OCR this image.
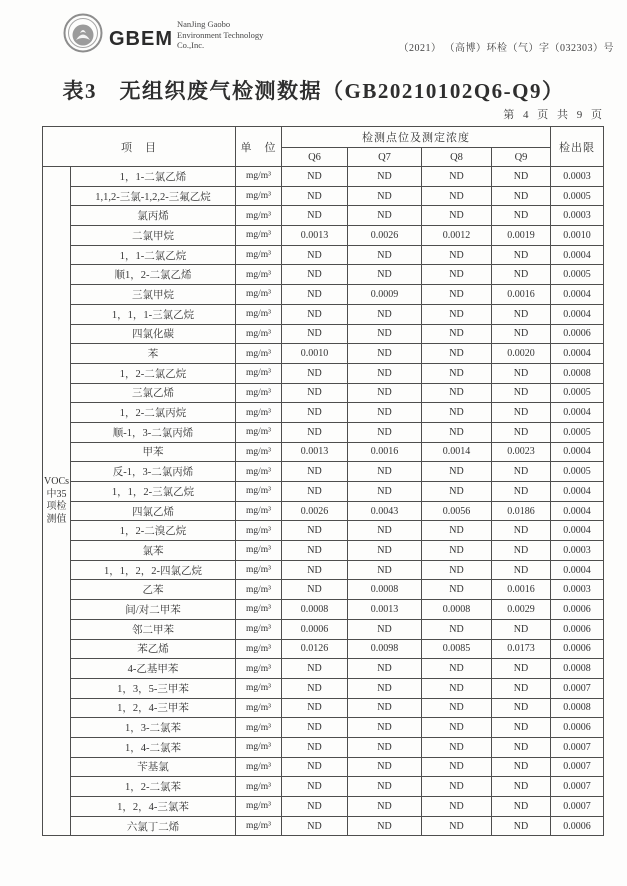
GBEM
NanJing Gaobo
Environment Technology
Co.,Inc.	（2021） （高博）环检（气）字（032303）号
表3　无组织废气检测数据（GB20210102Q6-Q9）
第 4 页 共 9 页
项　目		单　位	检测点位及测定浓度				检出限
			Q6	Q7	Q8	Q9	

VOCs
中35
项检
测值	1，1-二氯乙烯	mg/m³	ND	ND	ND	ND	0.0003
	1,1,2-三氯-1,2,2-三氟乙烷	mg/m³	ND	ND	ND	ND	0.0005
	氯丙烯	mg/m³	ND	ND	ND	ND	0.0003
	二氯甲烷	mg/m³	0.0013	0.0026	0.0012	0.0019	0.0010
	1，1-二氯乙烷	mg/m³	ND	ND	ND	ND	0.0004
	顺1，2-二氯乙烯	mg/m³	ND	ND	ND	ND	0.0005
	三氯甲烷	mg/m³	ND	0.0009	ND	0.0016	0.0004
	1，1，1-三氯乙烷	mg/m³	ND	ND	ND	ND	0.0004
	四氯化碳	mg/m³	ND	ND	ND	ND	0.0006
	苯	mg/m³	0.0010	ND	ND	0.0020	0.0004
	1，2-二氯乙烷	mg/m³	ND	ND	ND	ND	0.0008
	三氯乙烯	mg/m³	ND	ND	ND	ND	0.0005
	1，2-二氯丙烷	mg/m³	ND	ND	ND	ND	0.0004
	顺-1，3-二氯丙烯	mg/m³	ND	ND	ND	ND	0.0005
	甲苯	mg/m³	0.0013	0.0016	0.0014	0.0023	0.0004
	反-1，3-二氯丙烯	mg/m³	ND	ND	ND	ND	0.0005
	1，1，2-三氯乙烷	mg/m³	ND	ND	ND	ND	0.0004
	四氯乙烯	mg/m³	0.0026	0.0043	0.0056	0.0186	0.0004
	1，2-二溴乙烷	mg/m³	ND	ND	ND	ND	0.0004
	氯苯	mg/m³	ND	ND	ND	ND	0.0003
	1，1，2，2-四氯乙烷	mg/m³	ND	ND	ND	ND	0.0004
	乙苯	mg/m³	ND	0.0008	ND	0.0016	0.0003
	间/对二甲苯	mg/m³	0.0008	0.0013	0.0008	0.0029	0.0006
	邻二甲苯	mg/m³	0.0006	ND	ND	ND	0.0006
	苯乙烯	mg/m³	0.0126	0.0098	0.0085	0.0173	0.0006
	4-乙基甲苯	mg/m³	ND	ND	ND	ND	0.0008
	1，3，5-三甲苯	mg/m³	ND	ND	ND	ND	0.0007
	1，2，4-三甲苯	mg/m³	ND	ND	ND	ND	0.0008
	1，3-二氯苯	mg/m³	ND	ND	ND	ND	0.0006
	1，4-二氯苯	mg/m³	ND	ND	ND	ND	0.0007
	苄基氯	mg/m³	ND	ND	ND	ND	0.0007
	1，2-二氯苯	mg/m³	ND	ND	ND	ND	0.0007
	1，2，4-三氯苯	mg/m³	ND	ND	ND	ND	0.0007
	六氯丁二烯	mg/m³	ND	ND	ND	ND	0.0006
